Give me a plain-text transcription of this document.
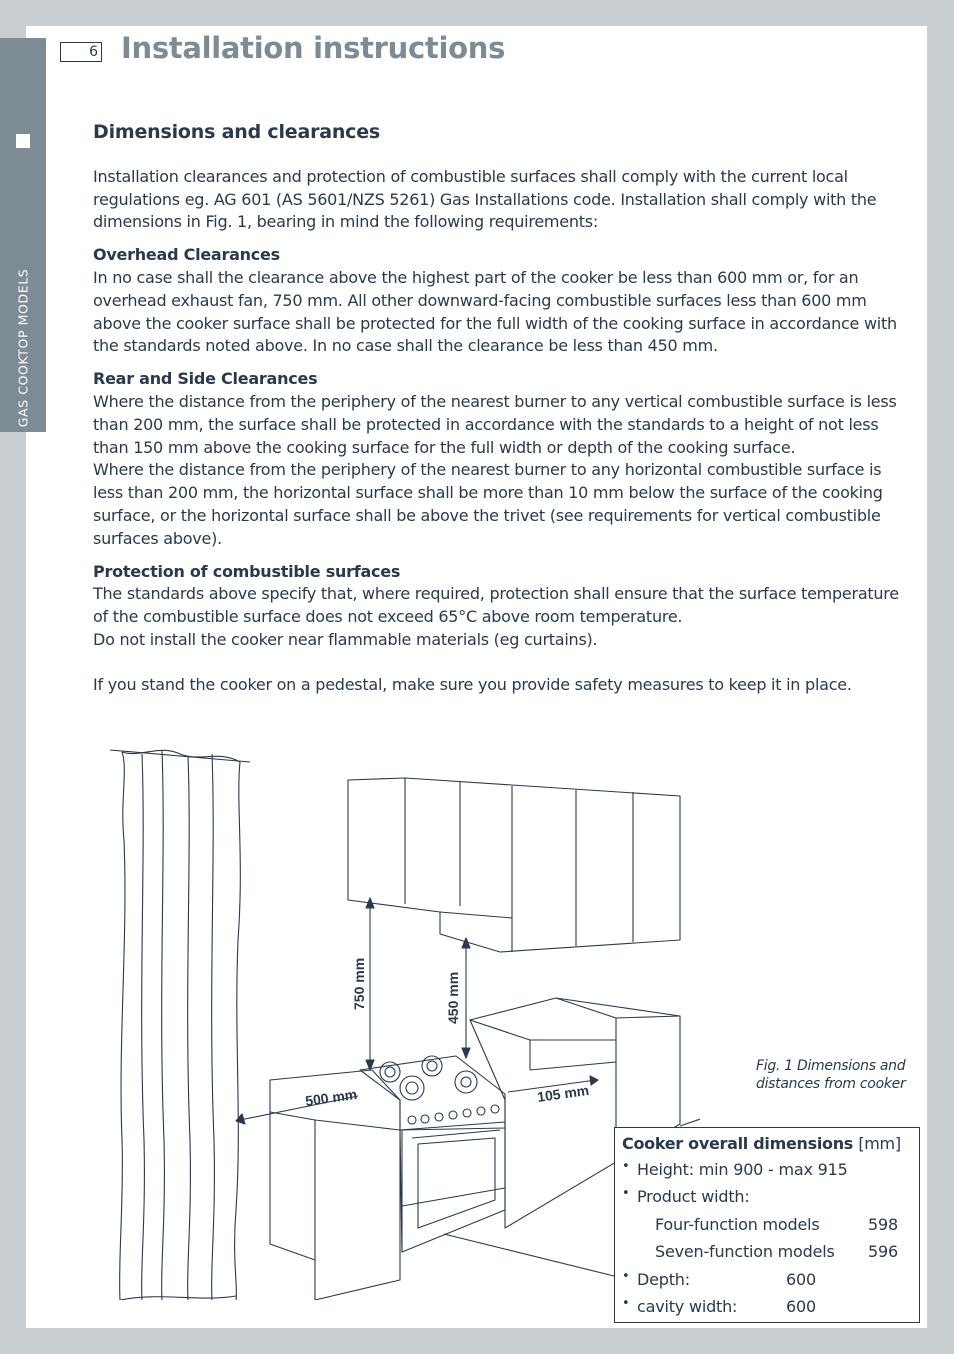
GAS COOKTOP MODELS
6 Installation instructions
Dimensions and clearances

Installation clearances and protection of combustible surfaces shall comply with the current local regulations eg. AG 601 (AS 5601/NZS 5261) Gas Installations code. Installation shall comply with the dimensions in Fig. 1, bearing in mind the following requirements:

Overhead Clearances

In no case shall the clearance above the highest part of the cooker be less than 600 mm or, for an overhead exhaust fan, 750 mm. All other downward-facing combustible surfaces less than 600 mm above the cooker surface shall be protected for the full width of the cooking surface in accordance with the standards noted above. In no case shall the clearance be less than 450 mm.

Rear and Side Clearances

Where the distance from the periphery of the nearest burner to any vertical combustible surface is less than 200 mm, the surface shall be protected in accordance with the standards to a height of not less than 150 mm above the cooking surface for the full width or depth of the cooking surface.

Where the distance from the periphery of the nearest burner to any horizontal combustible surface is less than 200 mm, the horizontal surface shall be more than 10 mm below the surface of the cooking surface, or the horizontal surface shall be above the trivet (see requirements for vertical combustible surfaces above).

Protection of combustible surfaces

The standards above specify that, where required, protection shall ensure that the surface temperature of the combustible surface does not exceed 65°C above room temperature.

Do not install the cooker near flammable materials (eg curtains).

If you stand the cooker on a pedestal, make sure you provide safety measures to keep it in place.

750 mm	450 mm
500 mm	105 mm
Fig. 1 Dimensions and
distances from cooker
Cooker overall dimensions [mm]
• Height: min 900 - max 915
• Product width:
Four-function models	598
Seven-function models 596
• Depth:	600
• cavity width:	600
